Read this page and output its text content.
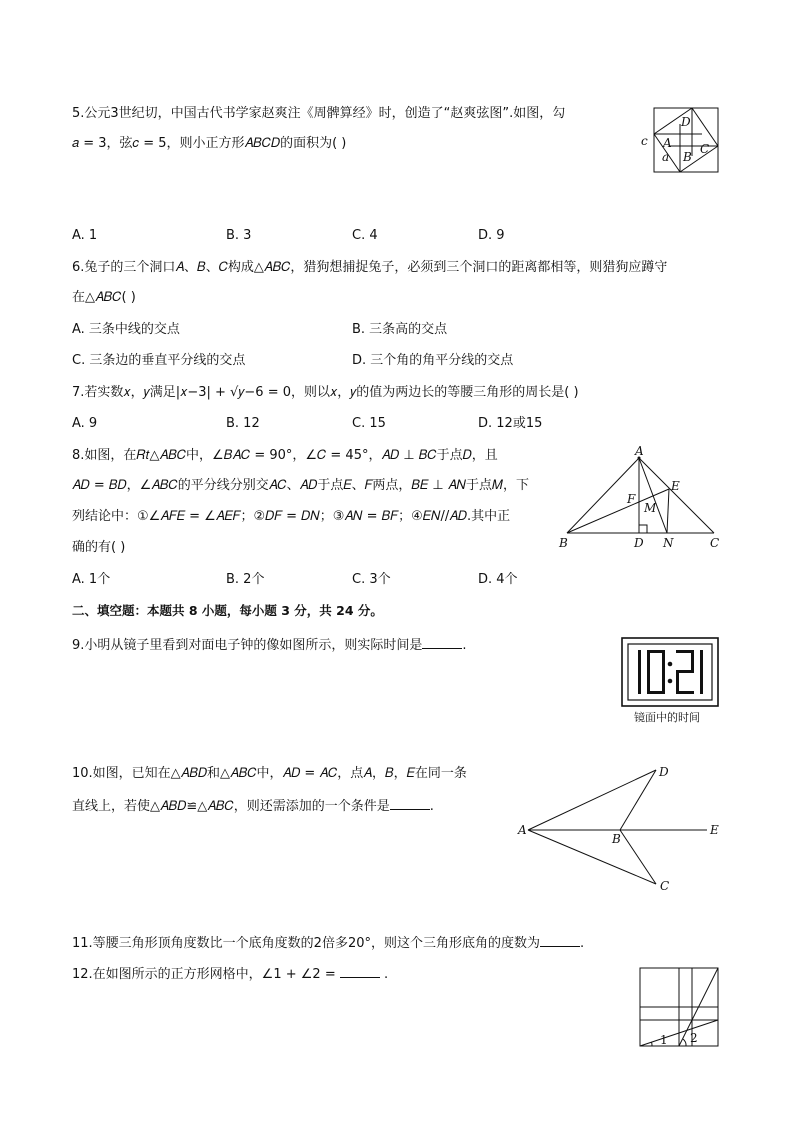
5.公元3世纪切，中国古代书学家赵爽注《周髀算经》时，创造了“赵爽弦图”.如图，勾
𝑎 = 3，弦𝑐 = 5，则小正方形𝐴𝐵𝐶𝐷的面积为( )
D
A
B
C
c
a
A. 1	B. 3	C. 4	D. 9
6.兔子的三个洞口𝐴、𝐵、𝐶构成△𝐴𝐵𝐶，猎狗想捕捉兔子，必须到三个洞口的距离都相等，则猎狗应蹲守
在△𝐴𝐵𝐶( )
A. 三条中线的交点	B. 三条高的交点
C. 三条边的垂直平分线的交点	D. 三个角的角平分线的交点
7.若实数𝑥，𝑦满足|𝑥−3| + √𝑦−6 = 0，则以𝑥，𝑦的值为两边长的等腰三角形的周长是( )
A. 9	B. 12	C. 15	D. 12或15
8.如图，在𝑅𝑡△𝐴𝐵𝐶中，∠𝐵𝐴𝐶 = 90°，∠𝐶 = 45°，𝐴𝐷 ⊥ 𝐵𝐶于点𝐷，且
𝐴𝐷 = 𝐵𝐷，∠𝐴𝐵𝐶的平分线分别交𝐴𝐶、𝐴𝐷于点𝐸、𝐹两点，𝐵𝐸 ⊥ 𝐴𝑁于点𝑀，下
列结论中：①∠𝐴𝐹𝐸 = ∠𝐴𝐸𝐹；②𝐷𝐹 = 𝐷𝑁；③𝐴𝑁 = 𝐵𝐹；④𝐸𝑁//𝐴𝐷.其中正
确的有( )
A
E
F
M
B	D N	C
A. 1个	B. 2个	C. 3个	D. 4个
二、填空题：本题共 8 小题，每小题 3 分，共 24 分。
9.小明从镜子里看到对面电子钟的像如图所示，则实际时间是	.
镜面中的时间
10.如图，已知在△𝐴𝐵𝐷和△𝐴𝐵𝐶中，𝐴𝐷 = 𝐴𝐶，点𝐴，𝐵，𝐸在同一条
直线上，若使△𝐴𝐵𝐷≌△𝐴𝐵𝐶，则还需添加的一个条件是	.
D
A
B
E
C
11.等腰三角形顶角度数比一个底角度数的2倍多20°，则这个三角形底角的度数为	.
12.在如图所示的正方形网格中，∠1 + ∠2 =	.
1 2
